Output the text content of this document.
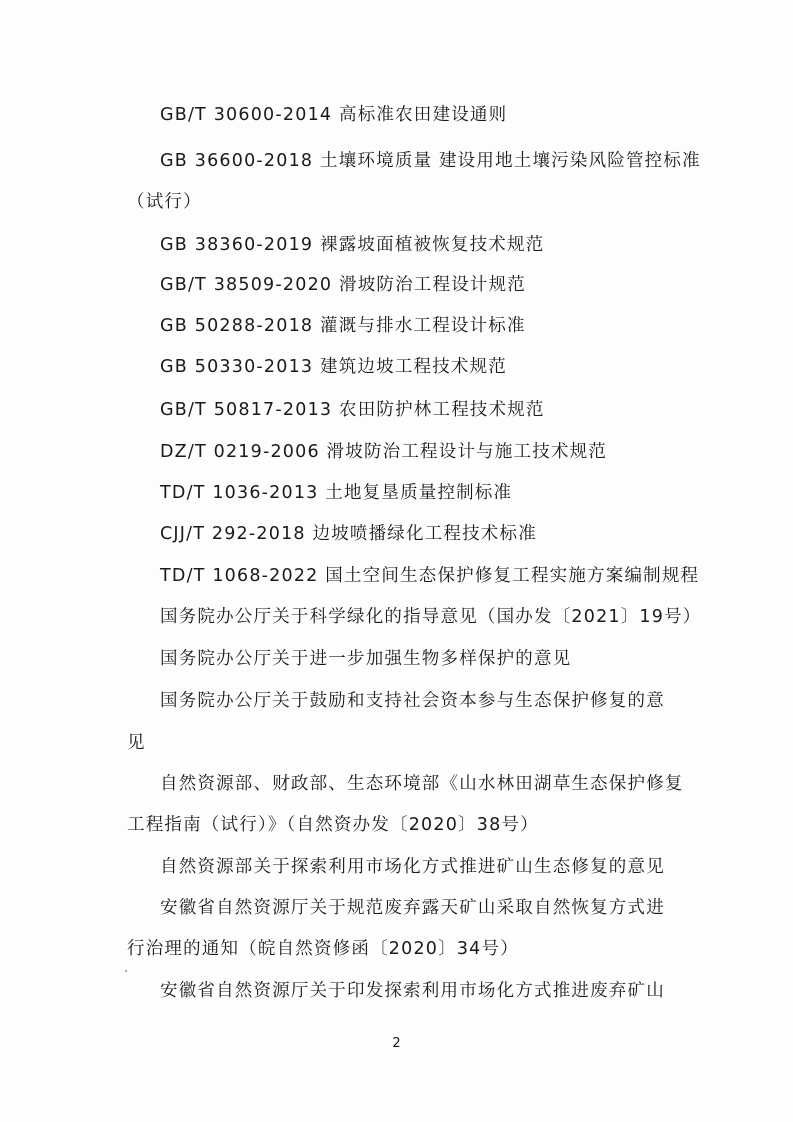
GB/T 30600-2014 高标准农田建设通则
GB 36600-2018 土壤环境质量 建设用地土壤污染风险管控标准
（试行）
GB 38360-2019 裸露坡面植被恢复技术规范
GB/T 38509-2020 滑坡防治工程设计规范
GB 50288-2018 灌溉与排水工程设计标准
GB 50330-2013 建筑边坡工程技术规范
GB/T 50817-2013 农田防护林工程技术规范
DZ/T 0219-2006 滑坡防治工程设计与施工技术规范
TD/T 1036-2013 土地复垦质量控制标准
CJJ/T 292-2018 边坡喷播绿化工程技术标准
TD/T 1068-2022 国土空间生态保护修复工程实施方案编制规程
国务院办公厅关于科学绿化的指导意见（国办发〔2021〕19号）
国务院办公厅关于进一步加强生物多样保护的意见
国务院办公厅关于鼓励和支持社会资本参与生态保护修复的意
见
自然资源部、财政部、生态环境部《山水林田湖草生态保护修复
工程指南（试行）》（自然资办发〔2020〕38号）
自然资源部关于探索利用市场化方式推进矿山生态修复的意见
安徽省自然资源厅关于规范废弃露天矿山采取自然恢复方式进
行治理的通知（皖自然资修函〔2020〕34号）
安徽省自然资源厅关于印发探索利用市场化方式推进废弃矿山
2
